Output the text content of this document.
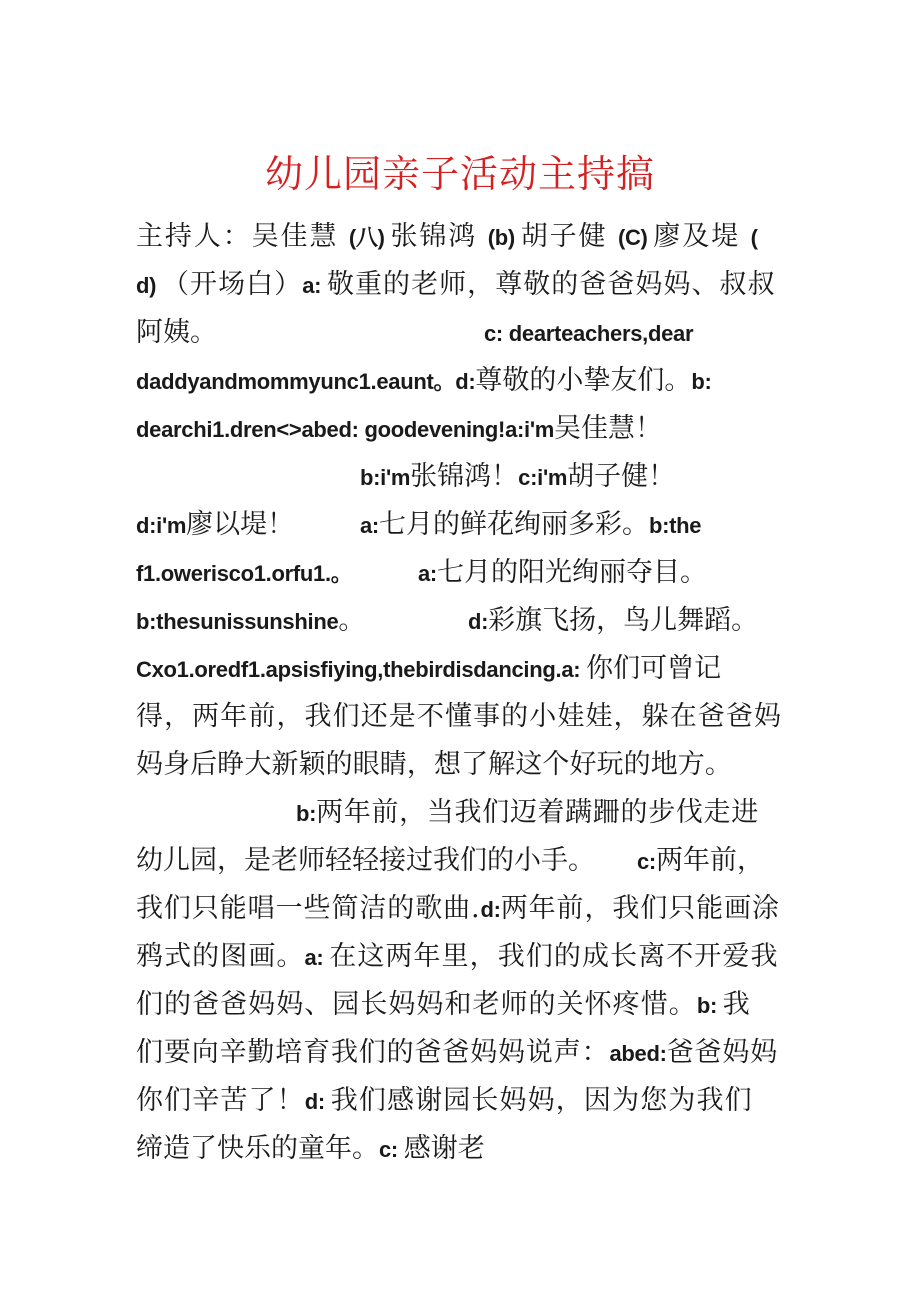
幼儿园亲子活动主持搞
主持人：吴佳慧 (八) 张锦鸿 (b) 胡子健 (C) 廖及堤 (
d) （开场白）a: 敬重的老师，尊敬的爸爸妈妈、叔叔
阿姨。	c: dearteachers,dear
daddyandmommyunc1.eaunt。d:尊敬的小挚友们。b:
dearchi1.dren<>abed: goodevening!a:i'm吴佳慧！
b:i'm张锦鸿！c:i'm胡子健！
d:i'm廖以堤！	a:七月的鲜花绚丽多彩。b:the
f1.owerisco1.orfu1.。	a:七月的阳光绚丽夺目。
b:thesunissunshine。	d:彩旗飞扬，鸟儿舞蹈。
Cxo1.oredf1.apsisfiying,thebirdisdancing.a: 你们可曾记
得，两年前，我们还是不懂事的小娃娃，躲在爸爸妈
妈身后睁大新颖的眼睛，想了解这个好玩的地方。
b:两年前，当我们迈着蹒跚的步伐走进
幼儿园，是老师轻轻接过我们的小手。 c:两年前，
我们只能唱一些简洁的歌曲.d:两年前，我们只能画涂
鸦式的图画。a: 在这两年里，我们的成长离不开爱我
们的爸爸妈妈、园长妈妈和老师的关怀疼惜。b: 我
们要向辛勤培育我们的爸爸妈妈说声：abed:爸爸妈妈
你们辛苦了！d: 我们感谢园长妈妈，因为您为我们
缔造了快乐的童年。c: 感谢老
